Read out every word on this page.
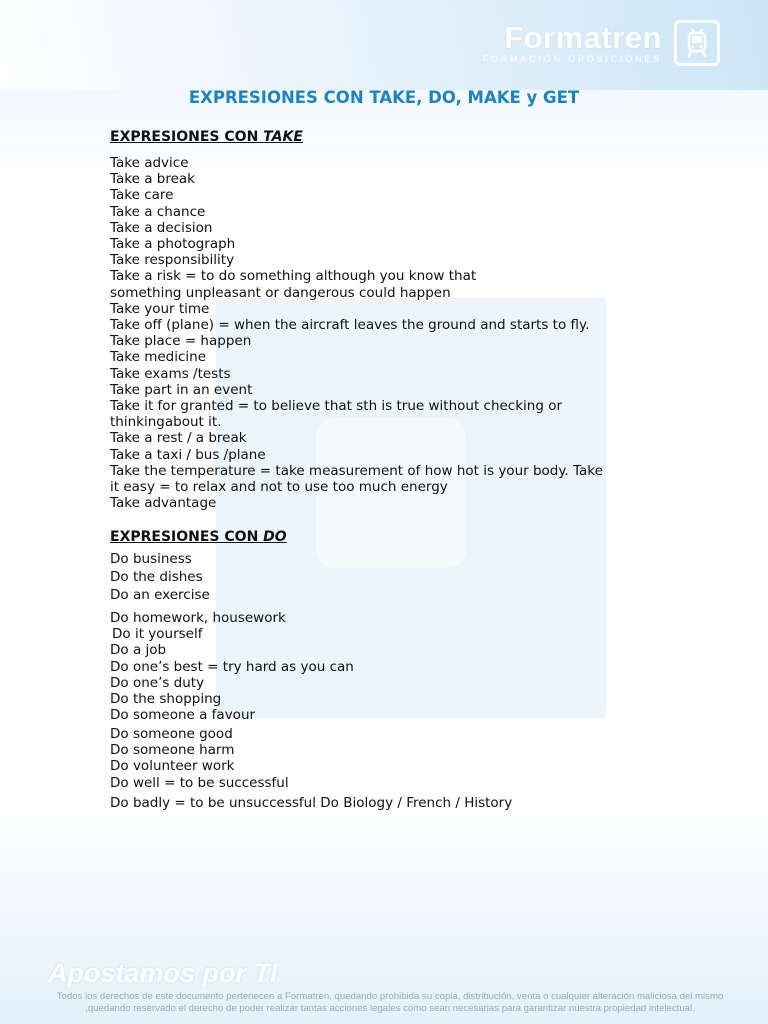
Formatren
FORMACIÓN OPOSICIONES
EXPRESIONES CON TAKE, DO, MAKE y GET
EXPRESIONES CON TAKE
Take advice
Take a break
Take care
Take a chance
Take a decision
Take a photograph
Take responsibility
Take a risk = to do something although you know that
something unpleasant or dangerous could happen
Take your time
Take off (plane) = when the aircraft leaves the ground and starts to fly.
Take place = happen
Take medicine
Take exams /tests
Take part in an event
Take it for granted = to believe that sth is true without checking or
thinkingabout it.
Take a rest / a break
Take a taxi / bus /plane
Take the temperature = take measurement of how hot is your body. Take
it easy = to relax and not to use too much energy
Take advantage
EXPRESIONES CON DO
Do business
Do the dishes
Do an exercise
Do homework, housework
Do it yourself
Do a job
Do one’s best = try hard as you can
Do one’s duty
Do the shopping
Do someone a favour
Do someone good
Do someone harm
Do volunteer work
Do well = to be successful
Do badly = to be unsuccessful Do Biology / French / History
Apostamos por TI
Todos los derechos de este documento pertenecen a Formatren, quedando prohibida su copia, distribución, venta o cualquier alteración maliciosa del mismo ,quedando reservado el derecho de poder realizar tantas acciones legales como sean necesarias para garantizar nuestra propiedad intelectual.
